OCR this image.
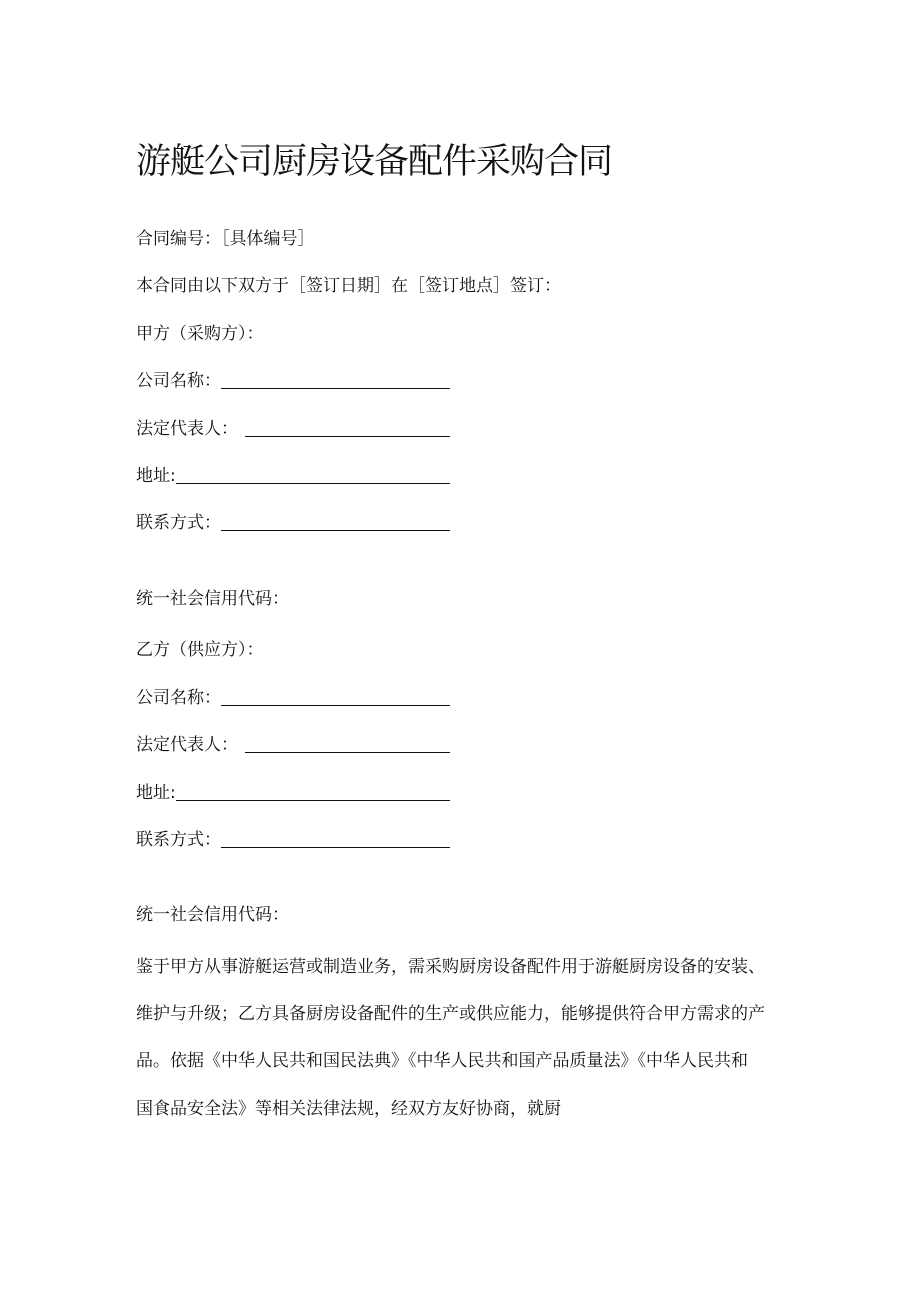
游艇公司厨房设备配件采购合同
合同编号：［具体编号］
本合同由以下双方于［签订日期］在［签订地点］签订：
甲方（采购方）：
公司名称：
法定代表人：
地址:
联系方式：
统一社会信用代码：
乙方（供应方）：
公司名称：
法定代表人：
地址:
联系方式：
统一社会信用代码：
鉴于甲方从事游艇运营或制造业务，需采购厨房设备配件用于游艇厨房设备的安装、
维护与升级；乙方具备厨房设备配件的生产或供应能力，能够提供符合甲方需求的产
品。依据《中华人民共和国民法典》《中华人民共和国产品质量法》《中华人民共和
国食品安全法》等相关法律法规，经双方友好协商，就厨
